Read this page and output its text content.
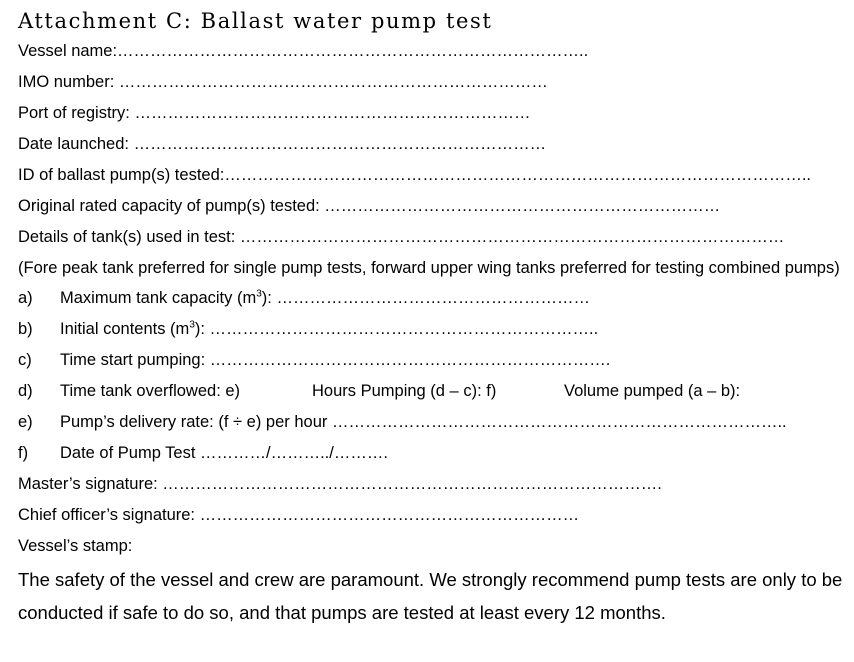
Attachment C: Ballast water pump test
Vessel name:…………………………………………………………………………..
IMO number: ……………………………………………………………………
Port of registry: ………………………………………………………………
Date launched: …………………………………………………………………
ID of ballast pump(s) tested:……………………………………………………………………………………………..
Original rated capacity of pump(s) tested: ………………………………………………………………
Details of tank(s) used in test: ………………………………………………………………………………………
(Fore peak tank preferred for single pump tests, forward upper wing tanks preferred for testing combined pumps)
a)	Maximum tank capacity $(m^3)$: …………………………………………………
b)	Initial contents $(m^3)$: ……………………………………………………………..
c)	Time start pumping: ……………………………………………………………….
d)	Time tank overflowed: e)	Hours Pumping (d – c): f)	Volume pumped (a – b):
e)	Pump’s delivery rate: (f ÷ e) per hour ………………………………………………………………………..
f)	Date of Pump Test …………/………../……….
Master’s signature: ……………………………………………………………………………….
Chief officer’s signature: ……………………………………………………………
Vessel’s stamp:
The safety of the vessel and crew are paramount. We strongly recommend pump tests are only to be conducted if safe to do so, and that pumps are tested at least every 12 months.
